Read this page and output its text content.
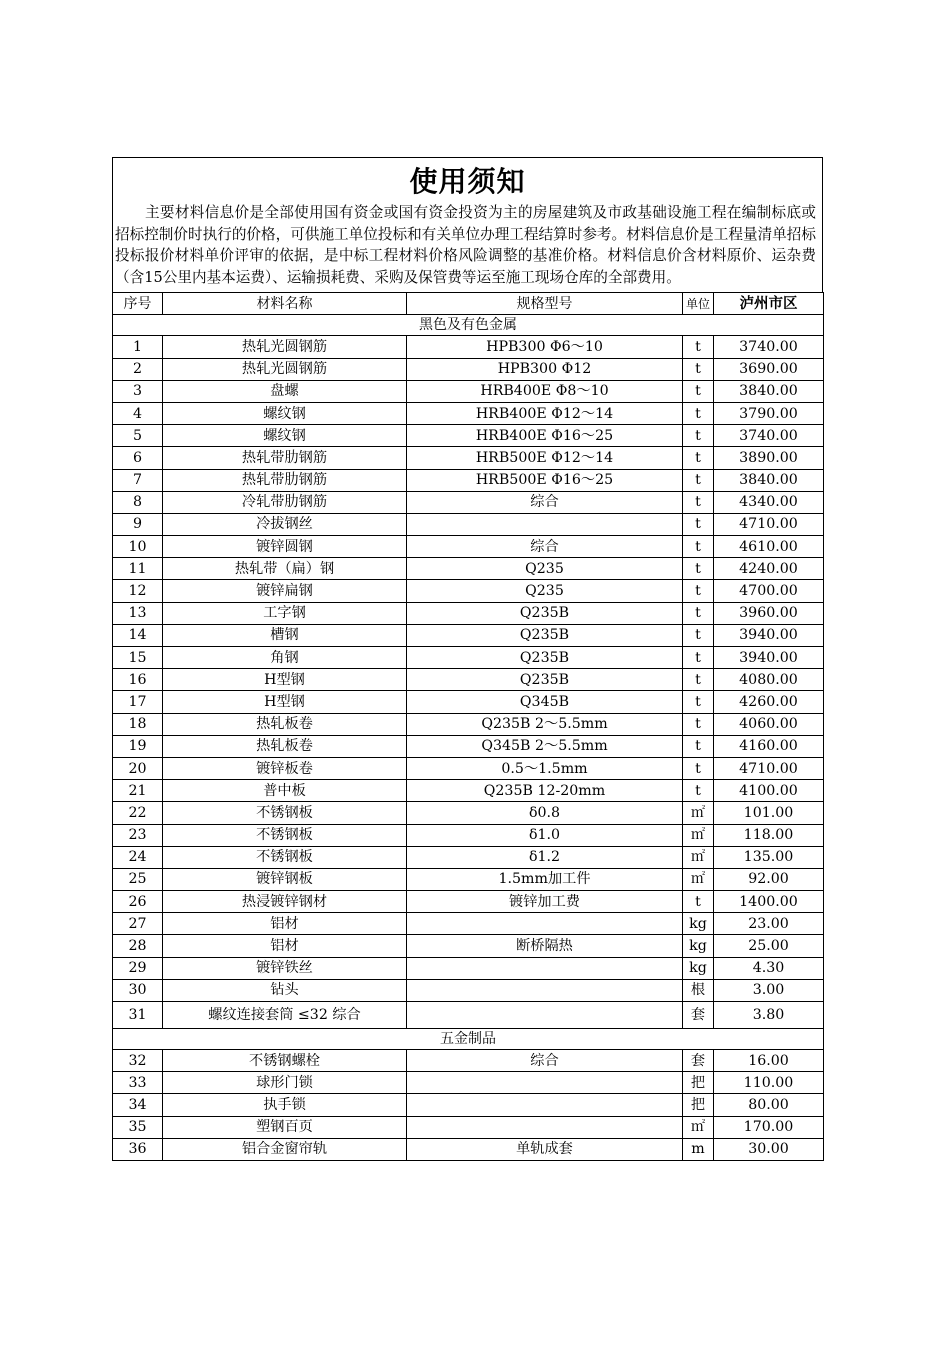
使用须知

主要材料信息价是全部使用国有资金或国有资金投资为主的房屋建筑及市政基础设施工程在编制标底或招标控制价时执行的价格，可供施工单位投标和有关单位办理工程结算时参考。材料信息价是工程量清单招标投标报价材料单价评审的依据，是中标工程材料价格风险调整的基准价格。材料信息价含材料原价、运杂费（含15公里内基本运费）、运输损耗费、采购及保管费等运至施工现场仓库的全部费用。

序号	材料名称	规格型号	单位	泸州市区
黑色及有色金属				
1	热轧光圆钢筋	HPB300 Φ6～10	t	3740.00
2	热轧光圆钢筋	HPB300 Φ12	t	3690.00
3	盘螺	HRB400E Φ8～10	t	3840.00
4	螺纹钢	HRB400E Φ12～14	t	3790.00
5	螺纹钢	HRB400E Φ16～25	t	3740.00
6	热轧带肋钢筋	HRB500E Φ12～14	t	3890.00
7	热轧带肋钢筋	HRB500E Φ16～25	t	3840.00
8	冷轧带肋钢筋	综合	t	4340.00
9	冷拔钢丝		t	4710.00
10	镀锌圆钢	综合	t	4610.00
11	热轧带（扁）钢	Q235	t	4240.00
12	镀锌扁钢	Q235	t	4700.00
13	工字钢	Q235B	t	3960.00
14	槽钢	Q235B	t	3940.00
15	角钢	Q235B	t	3940.00
16	H型钢	Q235B	t	4080.00
17	H型钢	Q345B	t	4260.00
18	热轧板卷	Q235B 2～5.5mm	t	4060.00
19	热轧板卷	Q345B 2～5.5mm	t	4160.00
20	镀锌板卷	0.5～1.5mm	t	4710.00
21	普中板	Q235B 12-20mm	t	4100.00
22	不锈钢板	δ0.8	㎡	101.00
23	不锈钢板	δ1.0	㎡	118.00
24	不锈钢板	δ1.2	㎡	135.00
25	镀锌钢板	1.5mm加工件	㎡	92.00
26	热浸镀锌钢材	镀锌加工费	t	1400.00
27	铝材		kg	23.00
28	铝材	断桥隔热	kg	25.00
29	镀锌铁丝		kg	4.30
30	钻头		根	3.00
31	螺纹连接套筒 ≤32 综合		套	3.80
五金制品				
32	不锈钢螺栓	综合	套	16.00
33	球形门锁		把	110.00
34	执手锁		把	80.00
35	塑钢百页		㎡	170.00
36	铝合金窗帘轨	单轨成套	m	30.00
